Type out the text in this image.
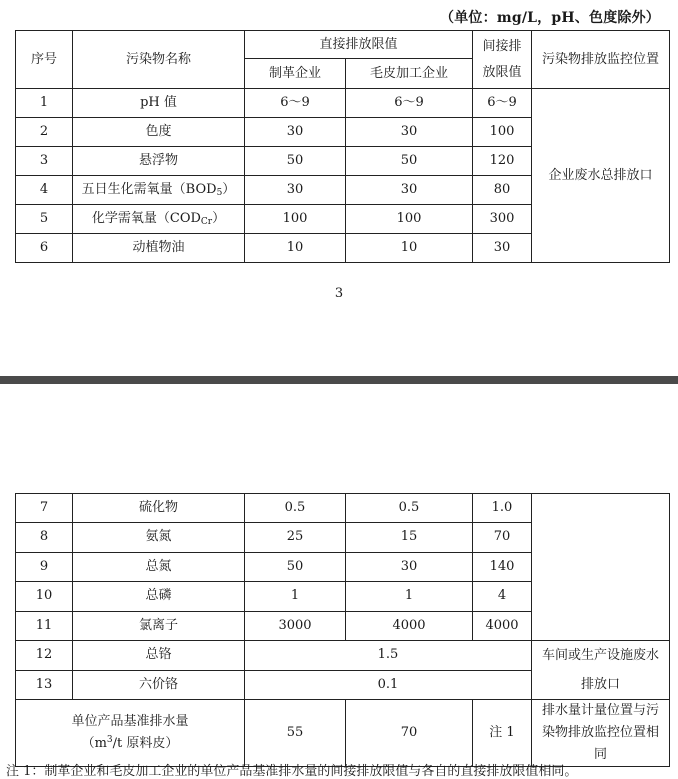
（单位：mg/L，pH、色度除外）
序号	污染物名称	直接排放限值		间接排放限值	污染物排放监控位置
		制革企业	毛皮加工企业		
1	pH 值	6～9	6～9	6～9	企业废水总排放口
2	色度	30	30	100	
3	悬浮物	50	50	120	
4	五日生化需氧量$(BOD_5)$	30	30	80	
5	化学需氧量$(COD_{Cr})$	100	100	300	
6	动植物油	10	10	30	
3
7	硫化物	0.5	0.5	1.0	
8	氨氮	25	15	70	
9	总氮	50	30	140	
10	总磷	1	1	4	
11	氯离子	3000	4000	4000	
12	总铬	1.5			车间或生产设施废水排放口
13	六价铬	0.1			

单位产品基准排水量
（$m^3/t$ 原料皮）		55	70	注 1	排水量计量位置与污染物排放监控位置相同
注 1：制革企业和毛皮加工企业的单位产品基准排水量的间接排放限值与各自的直接排放限值相同。
